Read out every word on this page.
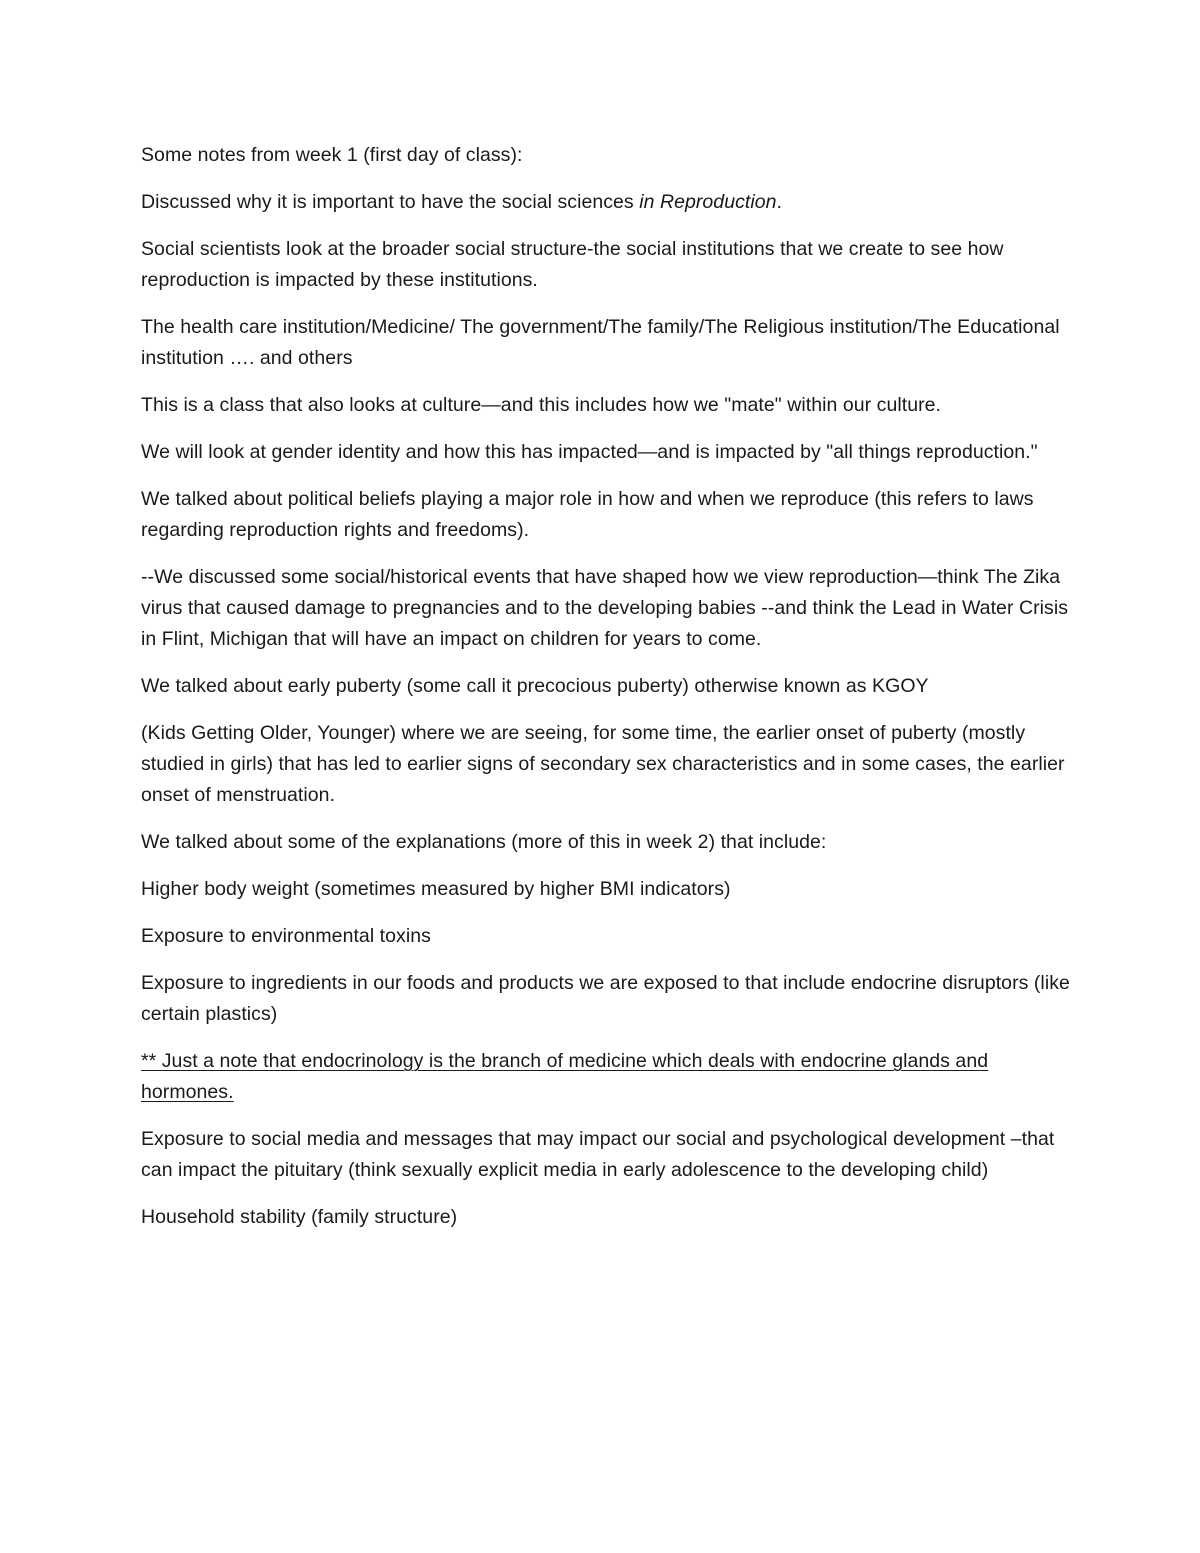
Some notes from week 1 (first day of class):

Discussed why it is important to have the social sciences in Reproduction.

Social scientists look at the broader social structure-the social institutions that we create to see how reproduction is impacted by these institutions.

The health care institution/Medicine/ The government/The family/The Religious institution/The Educational institution …. and others

This is a class that also looks at culture—and this includes how we "mate" within our culture.

We will look at gender identity and how this has impacted—and is impacted by "all things reproduction."

We talked about political beliefs playing a major role in how and when we reproduce (this refers to laws regarding reproduction rights and freedoms).

--We discussed some social/historical events that have shaped how we view reproduction—think The Zika virus that caused damage to pregnancies and to the developing babies --and think the Lead in Water Crisis in Flint, Michigan that will have an impact on children for years to come.

We talked about early puberty (some call it precocious puberty) otherwise known as KGOY

(Kids Getting Older, Younger) where we are seeing, for some time, the earlier onset of puberty (mostly studied in girls) that has led to earlier signs of secondary sex characteristics and in some cases, the earlier onset of menstruation.

We talked about some of the explanations (more of this in week 2) that include:

Higher body weight (sometimes measured by higher BMI indicators)

Exposure to environmental toxins

Exposure to ingredients in our foods and products we are exposed to that include endocrine disruptors (like certain plastics)

** Just a note that endocrinology is the branch of medicine which deals with endocrine glands and hormones.

Exposure to social media and messages that may impact our social and psychological development –that can impact the pituitary (think sexually explicit media in early adolescence to the developing child)

Household stability (family structure)
